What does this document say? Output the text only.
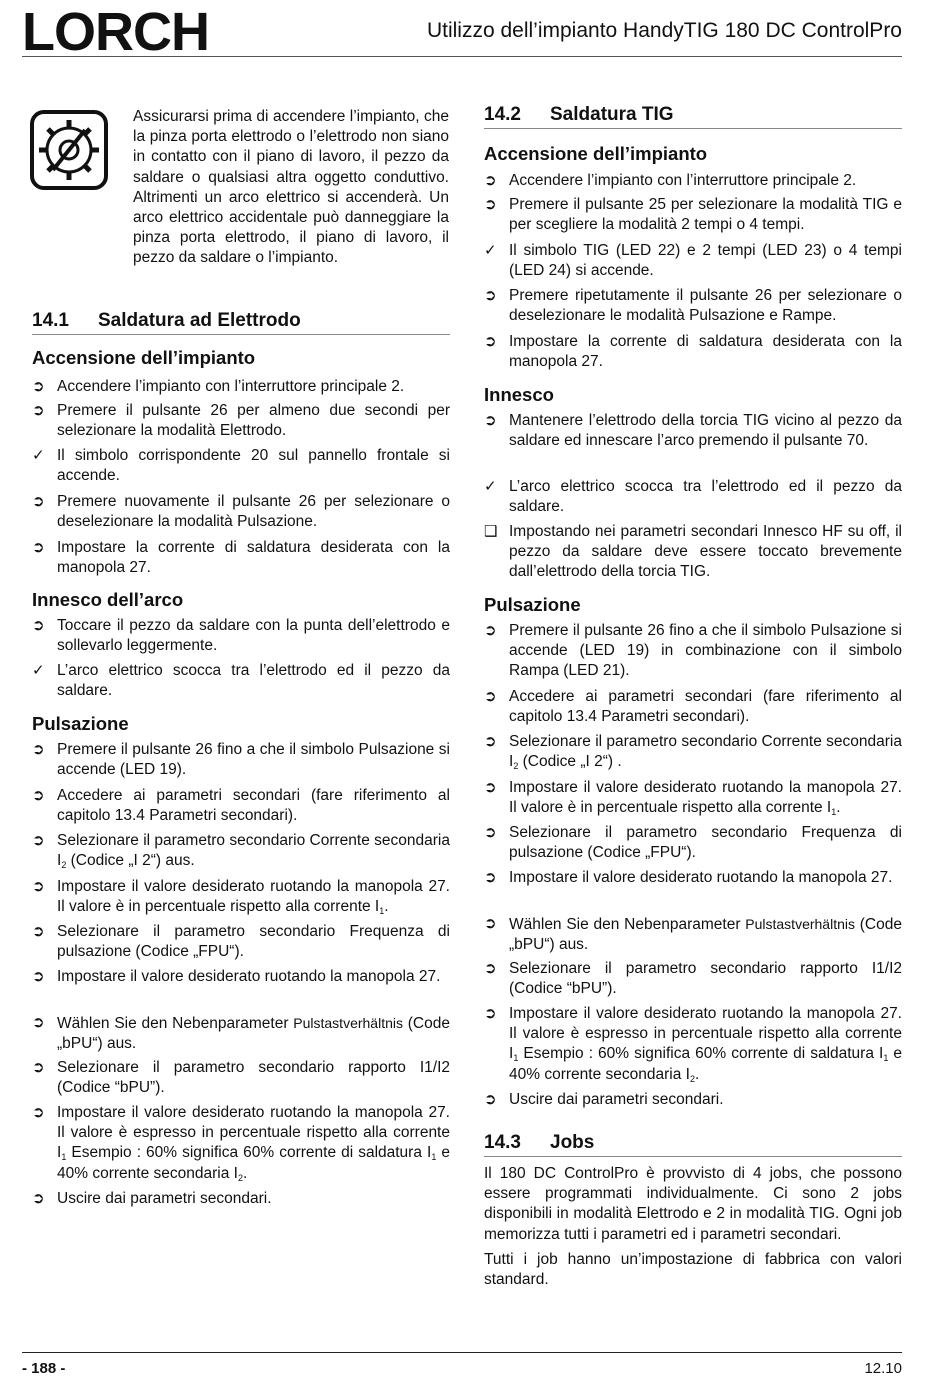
LORCH	Utilizzo dell’impianto HandyTIG 180 DC ControlPro
Assicurarsi prima di accendere l’impianto, che la pinza porta elettrodo o l’elettrodo non siano in contatto con il piano di lavoro, il pezzo da saldare o qualsiasi altra oggetto conduttivo. Altrimenti un arco elettrico si accenderà. Un arco elettrico accidentale può danneggiare la pinza porta elettrodo, il piano di lavoro, il pezzo da saldare o l’impianto.
14.1 Saldatura ad Elettrodo
Accensione dell’impianto
➲ Accendere l’impianto con l’interruttore principale 2.
➲ Premere il pulsante 26 per almeno due secondi per selezionare la modalità Elettrodo.
✓ Il simbolo corrispondente 20 sul pannello frontale si accende.
➲ Premere nuovamente il pulsante 26 per selezionare o deselezionare la modalità Pulsazione.
➲ Impostare la corrente di saldatura desiderata con la manopola 27.
Innesco dell’arco
➲ Toccare il pezzo da saldare con la punta dell’elettrodo e sollevarlo leggermente.
✓ L’arco elettrico scocca tra l’elettrodo ed il pezzo da saldare.
Pulsazione
➲ Premere il pulsante 26 fino a che il simbolo Pulsazione si accende (LED 19).
➲ Accedere ai parametri secondari (fare riferimento al capitolo 13.4 Parametri secondari).
➲ Selezionare il parametro secondario Corrente secondaria $I_2$ (Codice „I 2“) aus.
➲ Impostare il valore desiderato ruotando la manopola 27. Il valore è in percentuale rispetto alla corrente $I_1$.
➲ Selezionare il parametro secondario Frequenza di pulsazione (Codice „FPU“).
➲ Impostare il valore desiderato ruotando la manopola 27.
➲ Wählen Sie den Nebenparameter Pulstastverhältnis (Code „bPU“) aus.
➲ Selezionare il parametro secondario rapporto I1/I2 (Codice “bPU”).
➲ Impostare il valore desiderato ruotando la manopola 27. Il valore è espresso in percentuale rispetto alla corrente $I_1$ Esempio : 60% significa 60% corrente di saldatura $I_1$ e 40% corrente secondaria $I_2$.
➲ Uscire dai parametri secondari.
14.2 Saldatura TIG
Accensione dell’impianto
➲ Accendere l’impianto con l’interruttore principale 2.
➲ Premere il pulsante 25 per selezionare la modalità TIG e per scegliere la modalità 2 tempi o 4 tempi.
✓ Il simbolo TIG (LED 22) e 2 tempi (LED 23) o 4 tempi (LED 24) si accende.
➲ Premere ripetutamente il pulsante 26 per selezionare o deselezionare le modalità Pulsazione e Rampe.
➲ Impostare la corrente di saldatura desiderata con la manopola 27.
Innesco
➲ Mantenere l’elettrodo della torcia TIG vicino al pezzo da saldare ed innescare l’arco premendo il pulsante 70.
✓ L’arco elettrico scocca tra l’elettrodo ed il pezzo da saldare.
❑ Impostando nei parametri secondari Innesco HF su off, il pezzo da saldare deve essere toccato brevemente dall’elettrodo della torcia TIG.
Pulsazione
➲ Premere il pulsante 26 fino a che il simbolo Pulsazione si accende (LED 19) in combinazione con il simbolo Rampa (LED 21).
➲ Accedere ai parametri secondari (fare riferimento al capitolo 13.4 Parametri secondari).
➲ Selezionare il parametro secondario Corrente secondaria $I_2$ (Codice „I 2“) .
➲ Impostare il valore desiderato ruotando la manopola 27. Il valore è in percentuale rispetto alla corrente $I_1$.
➲ Selezionare il parametro secondario Frequenza di pulsazione (Codice „FPU“).
➲ Impostare il valore desiderato ruotando la manopola 27.
➲ Wählen Sie den Nebenparameter Pulstastverhältnis (Code „bPU“) aus.
➲ Selezionare il parametro secondario rapporto I1/I2 (Codice “bPU”).
➲ Impostare il valore desiderato ruotando la manopola 27. Il valore è espresso in percentuale rispetto alla corrente $I_1$ Esempio : 60% significa 60% corrente di saldatura $I_1$ e 40% corrente secondaria $I_2$.
➲ Uscire dai parametri secondari.
14.3 Jobs
Il 180 DC ControlPro è provvisto di 4 jobs, che possono essere programmati individualmente. Ci sono 2 jobs disponibili in modalità Elettrodo e 2 in modalità TIG. Ogni job memorizza tutti i parametri ed i parametri secondari.
Tutti i job hanno un’impostazione di fabbrica con valori standard.
- 188 -	12.10
